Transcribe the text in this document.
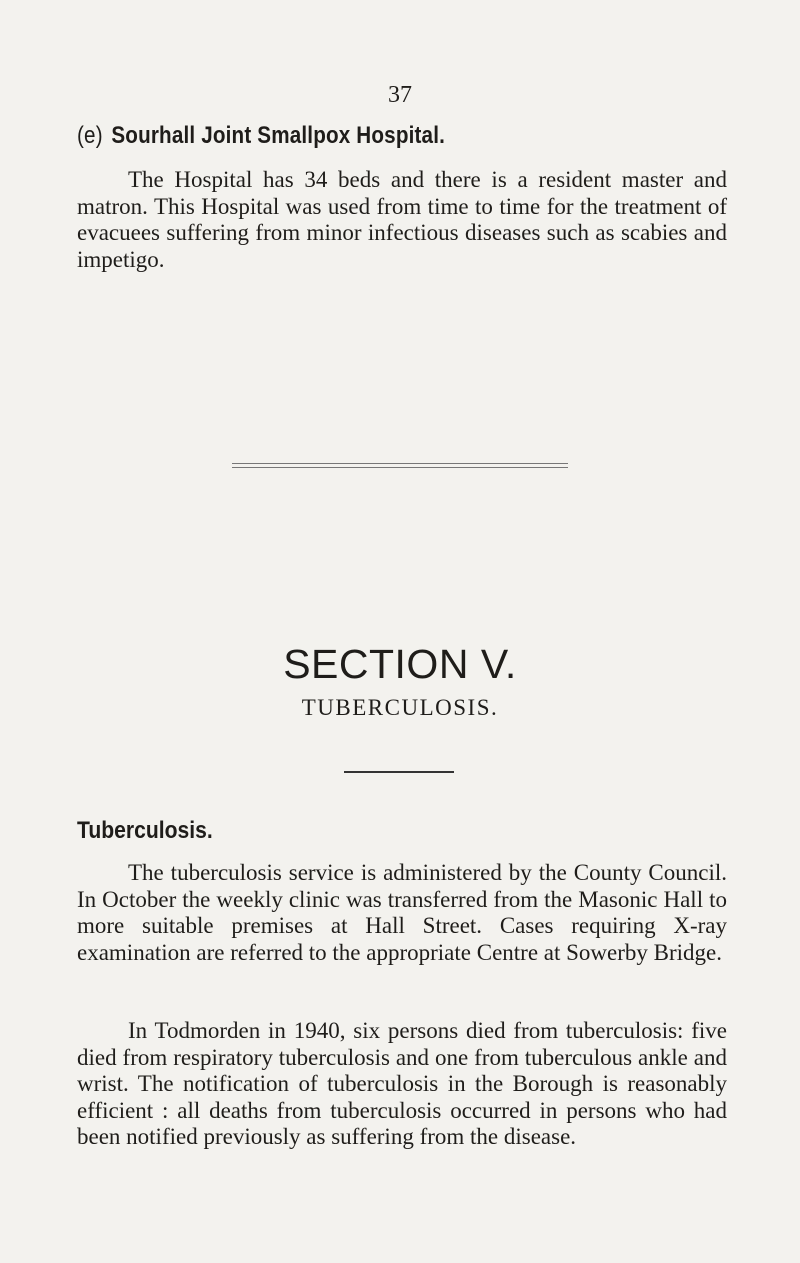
37
(e) Sourhall Joint Smallpox Hospital.

The Hospital has 34 beds and there is a resident master and matron. This Hospital was used from time to time for the treatment of evacuees suffering from minor infectious diseases such as scabies and impetigo.

SECTION V.
TUBERCULOSIS.
Tuberculosis.

The tuberculosis service is administered by the County Council. In October the weekly clinic was transferred from the Masonic Hall to more suitable premises at Hall Street. Cases requiring X-ray examination are referred to the appropriate Centre at Sowerby Bridge.

In Todmorden in 1940, six persons died from tuberculosis: five died from respiratory tuberculosis and one from tuberculous ankle and wrist. The notification of tuberculosis in the Borough is reasonably efficient : all deaths from tuberculosis occurred in persons who had been notified previously as suffering from the disease.
